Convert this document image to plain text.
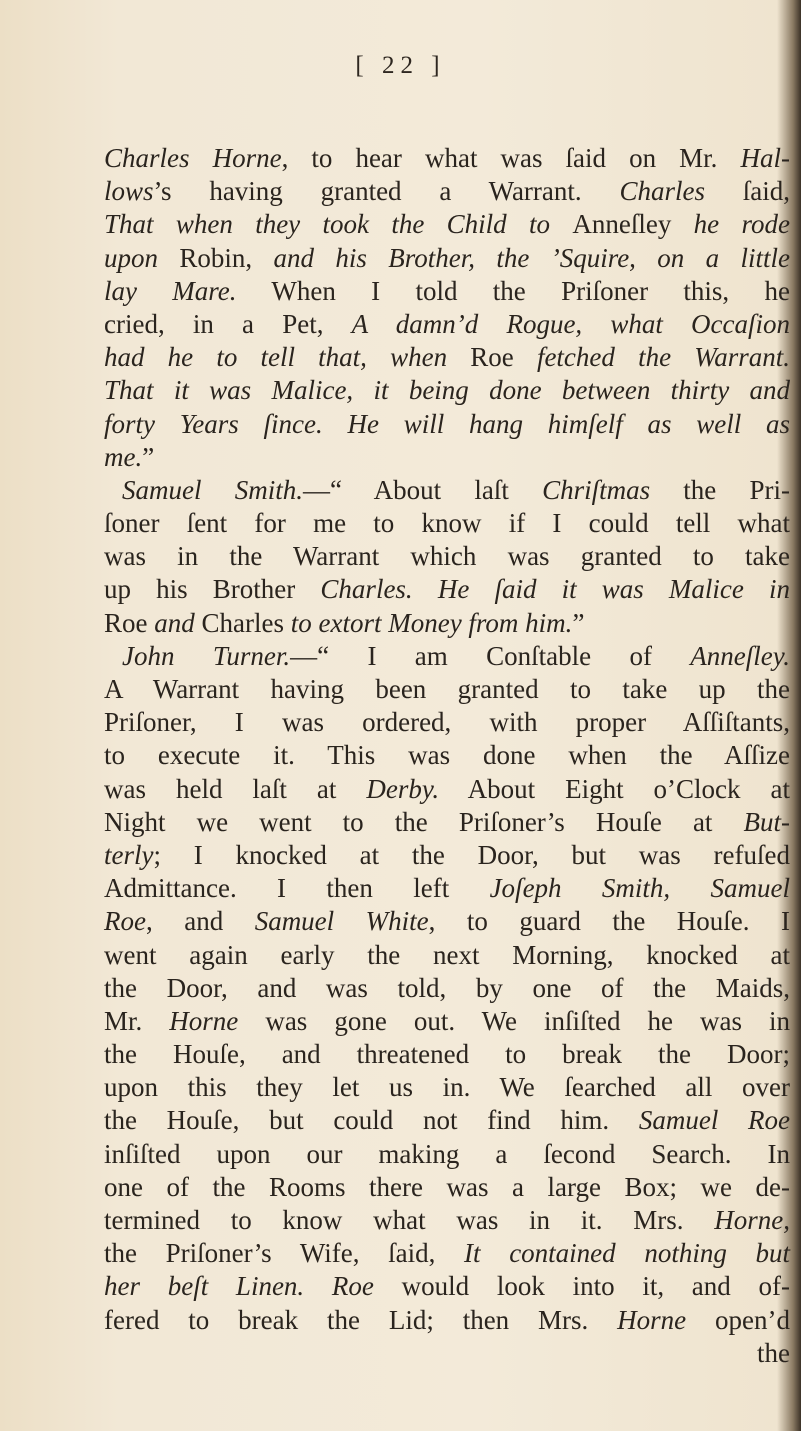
[ 22 ]
Charles Horne, to hear what was ſaid on Mr. Hal-
lows’s having granted a Warrant. Charles ſaid,
That when they took the Child to Anneſley he rode
upon Robin, and his Brother, the ’Squire, on a little
lay Mare. When I told the Priſoner this, he
cried, in a Pet, A damn’d Rogue, what Occaſion
had he to tell that, when Roe fetched the Warrant.
That it was Malice, it being done between thirty and
forty Years ſince. He will hang himſelf as well as
me.”
Samuel Smith.—“ About laſt Chriſtmas the Pri-
ſoner ſent for me to know if I could tell what
was in the Warrant which was granted to take
up his Brother Charles. He ſaid it was Malice in
Roe and Charles to extort Money from him.”
John Turner.—“ I am Conſtable of Anneſley.
A Warrant having been granted to take up the
Priſoner, I was ordered, with proper Aſſiſtants,
to execute it. This was done when the Aſſize
was held laſt at Derby. About Eight o’Clock at
Night we went to the Priſoner’s Houſe at But-
terly; I knocked at the Door, but was refuſed
Admittance. I then left Joſeph Smith, Samuel
Roe, and Samuel White, to guard the Houſe. I
went again early the next Morning, knocked at
the Door, and was told, by one of the Maids,
Mr. Horne was gone out. We inſiſted he was in
the Houſe, and threatened to break the Door;
upon this they let us in. We ſearched all over
the Houſe, but could not find him. Samuel Roe
inſiſted upon our making a ſecond Search. In
one of the Rooms there was a large Box; we de-
termined to know what was in it. Mrs. Horne,
the Priſoner’s Wife, ſaid, It contained nothing but
her beſt Linen. Roe would look into it, and of-
fered to break the Lid; then Mrs. Horne open’d
the
